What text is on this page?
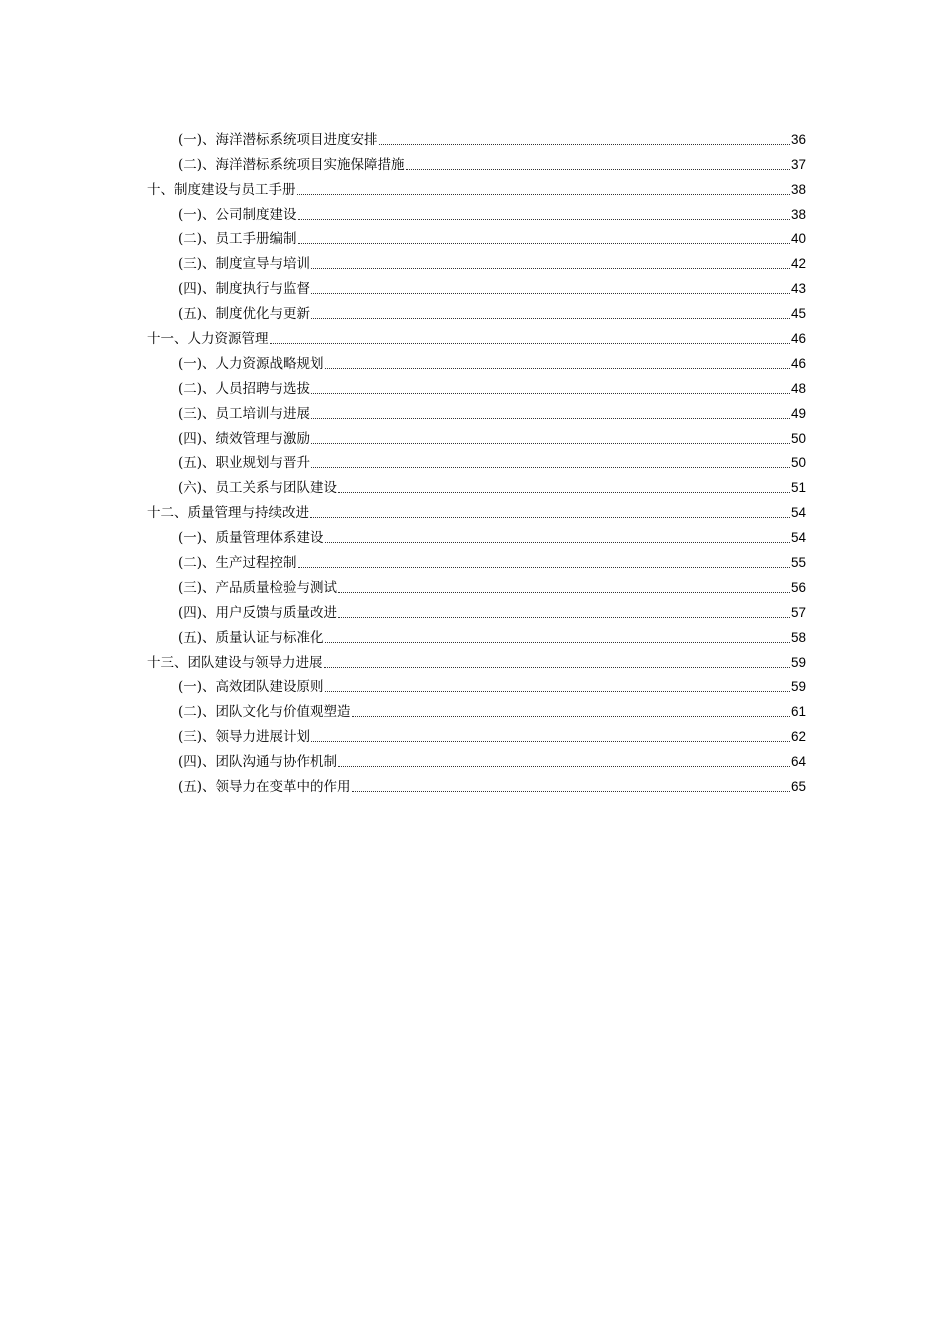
(一)、海洋潜标系统项目进度安排	36
(二)、海洋潜标系统项目实施保障措施	37
十、制度建设与员工手册	38
(一)、公司制度建设	38
(二)、员工手册编制	40
(三)、制度宣导与培训	42
(四)、制度执行与监督	43
(五)、制度优化与更新	45
十一、人力资源管理	46
(一)、人力资源战略规划	46
(二)、人员招聘与选拔	48
(三)、员工培训与进展	49
(四)、绩效管理与激励	50
(五)、职业规划与晋升	50
(六)、员工关系与团队建设	51
十二、质量管理与持续改进	54
(一)、质量管理体系建设	54
(二)、生产过程控制	55
(三)、产品质量检验与测试	56
(四)、用户反馈与质量改进	57
(五)、质量认证与标准化	58
十三、团队建设与领导力进展	59
(一)、高效团队建设原则	59
(二)、团队文化与价值观塑造	61
(三)、领导力进展计划	62
(四)、团队沟通与协作机制	64
(五)、领导力在变革中的作用	65
